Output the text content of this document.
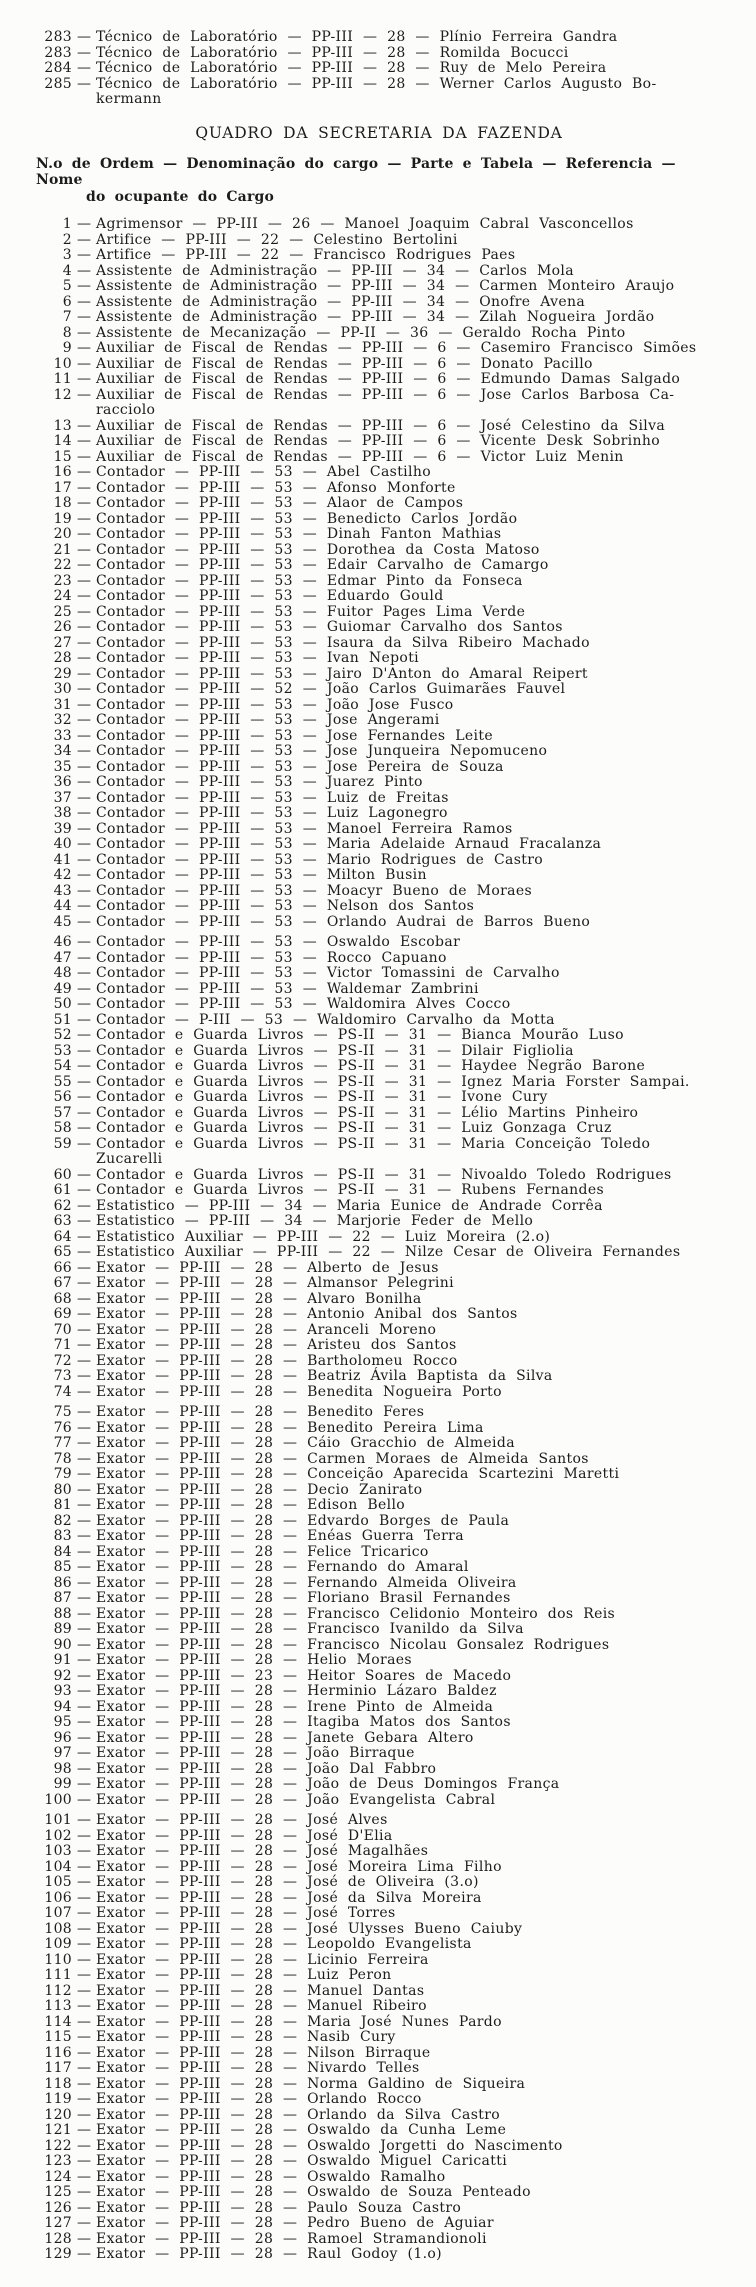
283 — Técnico de Laboratório — PP-III — 28 — Plínio Ferreira Gandra
283 — Técnico de Laboratório — PP-III — 28 — Romilda Bocucci
284 — Técnico de Laboratório — PP-III — 28 — Ruy de Melo Pereira
285 — Técnico de Laboratório — PP-III — 28 — Werner Carlos Augusto Bo-
kermann
QUADRO DA SECRETARIA DA FAZENDA
N.o de Ordem — Denominação do cargo — Parte e Tabela — Referencia — Nome
do ocupante do Cargo
1 — Agrimensor — PP-III — 26 — Manoel Joaquim Cabral Vasconcellos
2 — Artifice — PP-III — 22 — Celestino Bertolini
3 — Artifice — PP-III — 22 — Francisco Rodrigues Paes
4 — Assistente de Administração — PP-III — 34 — Carlos Mola
5 — Assistente de Administração — PP-III — 34 — Carmen Monteiro Araujo
6 — Assistente de Administração — PP-III — 34 — Onofre Avena
7 — Assistente de Administração — PP-III — 34 — Zilah Nogueira Jordão
8 — Assistente de Mecanização — PP-II — 36 — Geraldo Rocha Pinto
9 — Auxiliar de Fiscal de Rendas — PP-III — 6 — Casemiro Francisco Simões
10 — Auxiliar de Fiscal de Rendas — PP-III — 6 — Donato Pacillo
11 — Auxiliar de Fiscal de Rendas — PP-III — 6 — Edmundo Damas Salgado
12 — Auxiliar de Fiscal de Rendas — PP-III — 6 — Jose Carlos Barbosa Ca-
racciolo
13 — Auxiliar de Fiscal de Rendas — PP-III — 6 — José Celestino da Silva
14 — Auxiliar de Fiscal de Rendas — PP-III — 6 — Vicente Desk Sobrinho
15 — Auxiliar de Fiscal de Rendas — PP-III — 6 — Victor Luiz Menin
16 — Contador — PP-III — 53 — Abel Castilho
17 — Contador — PP-III — 53 — Afonso Monforte
18 — Contador — PP-III — 53 — Alaor de Campos
19 — Contador — PP-III — 53 — Benedicto Carlos Jordão
20 — Contador — PP-III — 53 — Dinah Fanton Mathias
21 — Contador — PP-III — 53 — Dorothea da Costa Matoso
22 — Contador — PP-III — 53 — Edair Carvalho de Camargo
23 — Contador — PP-III — 53 — Edmar Pinto da Fonseca
24 — Contador — PP-III — 53 — Eduardo Gould
25 — Contador — PP-III — 53 — Fuitor Pages Lima Verde
26 — Contador — PP-III — 53 — Guiomar Carvalho dos Santos
27 — Contador — PP-III — 53 — Isaura da Silva Ribeiro Machado
28 — Contador — PP-III — 53 — Ivan Nepoti
29 — Contador — PP-III — 53 — Jairo D'Anton do Amaral Reipert
30 — Contador — PP-III — 52 — João Carlos Guimarães Fauvel
31 — Contador — PP-III — 53 — João Jose Fusco
32 — Contador — PP-III — 53 — Jose Angerami
33 — Contador — PP-III — 53 — Jose Fernandes Leite
34 — Contador — PP-III — 53 — Jose Junqueira Nepomuceno
35 — Contador — PP-III — 53 — Jose Pereira de Souza
36 — Contador — PP-III — 53 — Juarez Pinto
37 — Contador — PP-III — 53 — Luiz de Freitas
38 — Contador — PP-III — 53 — Luiz Lagonegro
39 — Contador — PP-III — 53 — Manoel Ferreira Ramos
40 — Contador — PP-III — 53 — Maria Adelaide Arnaud Fracalanza
41 — Contador — PP-III — 53 — Mario Rodrigues de Castro
42 — Contador — PP-III — 53 — Milton Busin
43 — Contador — PP-III — 53 — Moacyr Bueno de Moraes
44 — Contador — PP-III — 53 — Nelson dos Santos
45 — Contador — PP-III — 53 — Orlando Audrai de Barros Bueno
46 — Contador — PP-III — 53 — Oswaldo Escobar
47 — Contador — PP-III — 53 — Rocco Capuano
48 — Contador — PP-III — 53 — Victor Tomassini de Carvalho
49 — Contador — PP-III — 53 — Waldemar Zambrini
50 — Contador — PP-III — 53 — Waldomira Alves Cocco
51 — Contador — P-III — 53 — Waldomiro Carvalho da Motta
52 — Contador e Guarda Livros — PS-II — 31 — Bianca Mourão Luso
53 — Contador e Guarda Livros — PS-II — 31 — Dilair Figliolia
54 — Contador e Guarda Livros — PS-II — 31 — Haydee Negrão Barone
55 — Contador e Guarda Livros — PS-II — 31 — Ignez Maria Forster Sampai.
56 — Contador e Guarda Livros — PS-II — 31 — Ivone Cury
57 — Contador e Guarda Livros — PS-II — 31 — Lélio Martins Pinheiro
58 — Contador e Guarda Livros — PS-II — 31 — Luiz Gonzaga Cruz
59 — Contador e Guarda Livros — PS-II — 31 — Maria Conceição Toledo
Zucarelli
60 — Contador e Guarda Livros — PS-II — 31 — Nivoaldo Toledo Rodrigues
61 — Contador e Guarda Livros — PS-II — 31 — Rubens Fernandes
62 — Estatistico — PP-III — 34 — Maria Eunice de Andrade Corrêa
63 — Estatistico — PP-III — 34 — Marjorie Feder de Mello
64 — Estatistico Auxiliar — PP-III — 22 — Luiz Moreira (2.o)
65 — Estatistico Auxiliar — PP-III — 22 — Nilze Cesar de Oliveira Fernandes
66 — Exator — PP-III — 28 — Alberto de Jesus
67 — Exator — PP-III — 28 — Almansor Pelegrini
68 — Exator — PP-III — 28 — Alvaro Bonilha
69 — Exator — PP-III — 28 — Antonio Anibal dos Santos
70 — Exator — PP-III — 28 — Aranceli Moreno
71 — Exator — PP-III — 28 — Aristeu dos Santos
72 — Exator — PP-III — 28 — Bartholomeu Rocco
73 — Exator — PP-III — 28 — Beatriz Ávila Baptista da Silva
74 — Exator — PP-III — 28 — Benedita Nogueira Porto
75 — Exator — PP-III — 28 — Benedito Feres
76 — Exator — PP-III — 28 — Benedito Pereira Lima
77 — Exator — PP-III — 28 — Cáio Gracchio de Almeida
78 — Exator — PP-III — 28 — Carmen Moraes de Almeida Santos
79 — Exator — PP-III — 28 — Conceição Aparecida Scartezini Maretti
80 — Exator — PP-III — 28 — Decio Zanirato
81 — Exator — PP-III — 28 — Edison Bello
82 — Exator — PP-III — 28 — Edvardo Borges de Paula
83 — Exator — PP-III — 28 — Enéas Guerra Terra
84 — Exator — PP-III — 28 — Felice Tricarico
85 — Exator — PP-III — 28 — Fernando do Amaral
86 — Exator — PP-III — 28 — Fernando Almeida Oliveira
87 — Exator — PP-III — 28 — Floriano Brasil Fernandes
88 — Exator — PP-III — 28 — Francisco Celidonio Monteiro dos Reis
89 — Exator — PP-III — 28 — Francisco Ivanildo da Silva
90 — Exator — PP-III — 28 — Francisco Nicolau Gonsalez Rodrigues
91 — Exator — PP-III — 28 — Helio Moraes
92 — Exator — PP-III — 23 — Heitor Soares de Macedo
93 — Exator — PP-III — 28 — Herminio Lázaro Baldez
94 — Exator — PP-III — 28 — Irene Pinto de Almeida
95 — Exator — PP-III — 28 — Itagiba Matos dos Santos
96 — Exator — PP-III — 28 — Janete Gebara Altero
97 — Exator — PP-III — 28 — João Birraque
98 — Exator — PP-III — 28 — João Dal Fabbro
99 — Exator — PP-III — 28 — João de Deus Domingos França
100 — Exator — PP-III — 28 — João Evangelista Cabral
101 — Exator — PP-III — 28 — José Alves
102 — Exator — PP-III — 28 — José D'Elia
103 — Exator — PP-III — 28 — José Magalhães
104 — Exator — PP-III — 28 — José Moreira Lima Filho
105 — Exator — PP-III — 28 — José de Oliveira (3.o)
106 — Exator — PP-III — 28 — José da Silva Moreira
107 — Exator — PP-III — 28 — José Torres
108 — Exator — PP-III — 28 — José Ulysses Bueno Caiuby
109 — Exator — PP-III — 28 — Leopoldo Evangelista
110 — Exator — PP-III — 28 — Licinio Ferreira
111 — Exator — PP-III — 28 — Luiz Peron
112 — Exator — PP-III — 28 — Manuel Dantas
113 — Exator — PP-III — 28 — Manuel Ribeiro
114 — Exator — PP-III — 28 — Maria José Nunes Pardo
115 — Exator — PP-III — 28 — Nasib Cury
116 — Exator — PP-III — 28 — Nilson Birraque
117 — Exator — PP-III — 28 — Nivardo Telles
118 — Exator — PP-III — 28 — Norma Galdino de Siqueira
119 — Exator — PP-III — 28 — Orlando Rocco
120 — Exator — PP-III — 28 — Orlando da Silva Castro
121 — Exator — PP-III — 28 — Oswaldo da Cunha Leme
122 — Exator — PP-III — 28 — Oswaldo Jorgetti do Nascimento
123 — Exator — PP-III — 28 — Oswaldo Miguel Caricatti
124 — Exator — PP-III — 28 — Oswaldo Ramalho
125 — Exator — PP-III — 28 — Oswaldo de Souza Penteado
126 — Exator — PP-III — 28 — Paulo Souza Castro
127 — Exator — PP-III — 28 — Pedro Bueno de Aguiar
128 — Exator — PP-III — 28 — Ramoel Stramandionoli
129 — Exator — PP-III — 28 — Raul Godoy (1.o)
